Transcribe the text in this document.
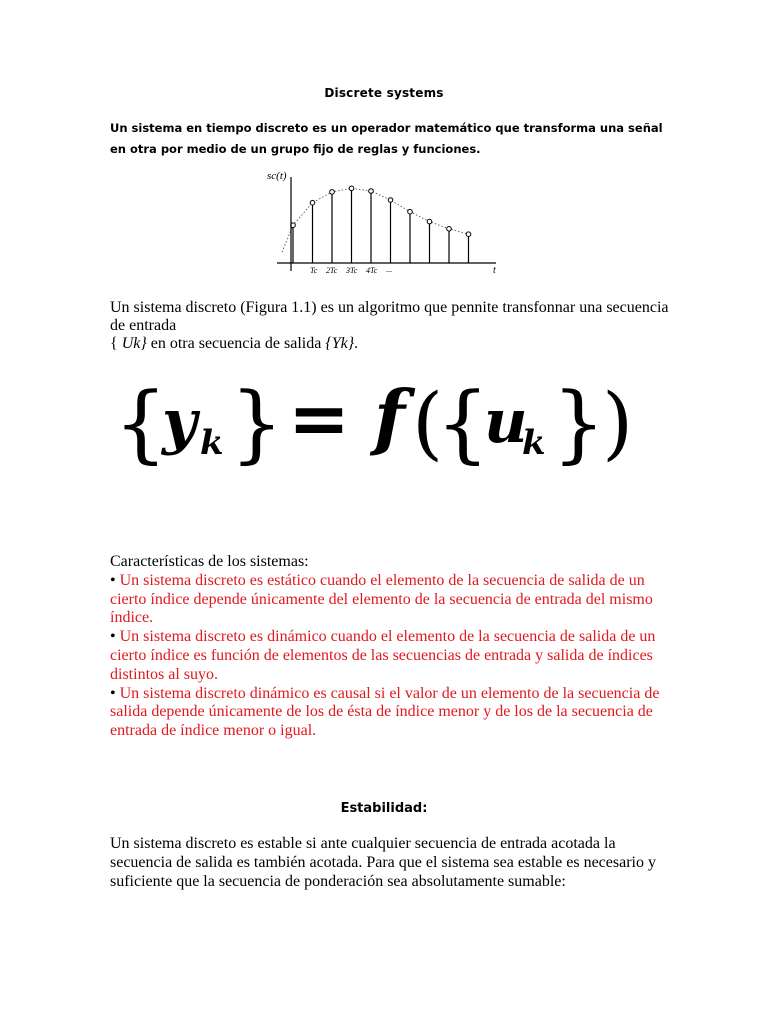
Discrete systems
Un sistema en tiempo discreto es un operador matemático que transforma una señal en otra por medio de un grupo fijo de reglas y funciones.
sc(t)
t
Tc 2Tc 3Tc 4Tc ...
Un sistema discreto (Figura 1.1) es un algoritmo que pennite transfonnar una secuencia de entrada
{ Uk} en otra secuencia de salida {Yk}.
{
y k } = f (
{
u
k }
)
Características de los sistemas:
• Un sistema discreto es estático cuando el elemento de la secuencia de salida de un cierto índice depende únicamente del elemento de la secuencia de entrada del mismo índice.
• Un sistema discreto es dinámico cuando el elemento de la secuencia de salida de un cierto índice es función de elementos de las secuencias de entrada y salida de índices distintos al suyo.
• Un sistema discreto dinámico es causal si el valor de un elemento de la secuencia de salida depende únicamente de los de ésta de índice menor y de los de la secuencia de entrada de índice menor o igual.
Estabilidad:
Un sistema discreto es estable si ante cualquier secuencia de entrada acotada la secuencia de salida es también acotada. Para que el sistema sea estable es necesario y suficiente que la secuencia de ponderación sea absolutamente sumable:
